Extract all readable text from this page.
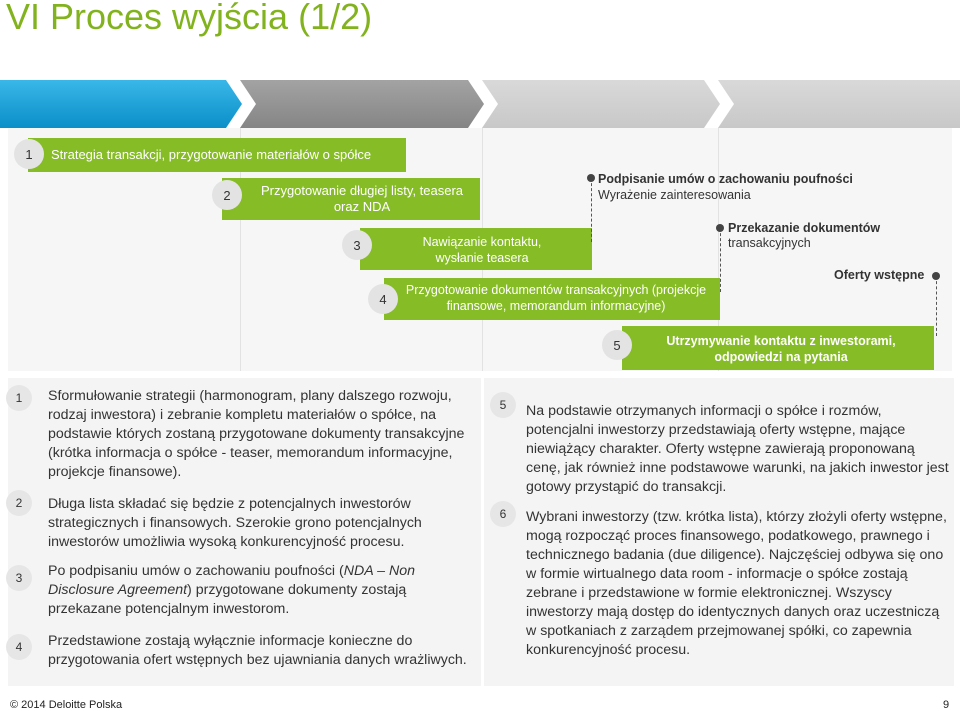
VI Proces wyjścia (1/2)
1	Strategia transakcji, przygotowanie materiałów o spółce
2	Przygotowanie długiej listy, teasera oraz NDA
3	Nawiązanie kontaktu, wysłanie teasera
4
Przygotowanie dokumentów transakcyjnych (projekcje finansowe, memorandum informacyjne)
5	Utrzymywanie kontaktu z inwestorami, odpowiedzi na pytania
Podpisanie umów o zachowaniu poufności
Wyrażenie zainteresowania
Przekazanie dokumentów
transakcyjnych
Oferty wstępne
1	Sformułowanie strategii (harmonogram, plany dalszego rozwoju, rodzaj inwestora) i zebranie kompletu materiałów o spółce, na podstawie których zostaną przygotowane dokumenty transakcyjne (krótka informacja o spółce - teaser, memorandum informacyjne, projekcje finansowe).
2	Długa lista składać się będzie z potencjalnych inwestorów strategicznych i finansowych. Szerokie grono potencjalnych inwestorów umożliwia wysoką konkurencyjność procesu.
3	Po podpisaniu umów o zachowaniu poufności (NDA – Non Disclosure Agreement) przygotowane dokumenty zostają przekazane potencjalnym inwestorom.
4	Przedstawione zostają wyłącznie informacje konieczne do przygotowania ofert wstępnych bez ujawniania danych wrażliwych.
5	Na podstawie otrzymanych informacji o spółce i rozmów, potencjalni inwestorzy przedstawiają oferty wstępne, mające niewiążący charakter. Oferty wstępne zawierają proponowaną cenę, jak również inne podstawowe warunki, na jakich inwestor jest gotowy przystąpić do transakcji.
6	Wybrani inwestorzy (tzw. krótka lista), którzy złożyli oferty wstępne, mogą rozpocząć proces finansowego, podatkowego, prawnego i technicznego badania (due diligence). Najczęściej odbywa się ono w formie wirtualnego data room - informacje o spółce zostają zebrane i przedstawione w formie elektronicznej. Wszyscy inwestorzy mają dostęp do identycznych danych oraz uczestniczą w spotkaniach z zarządem przejmowanej spółki, co zapewnia konkurencyjność procesu.
© 2014 Deloitte Polska	9
